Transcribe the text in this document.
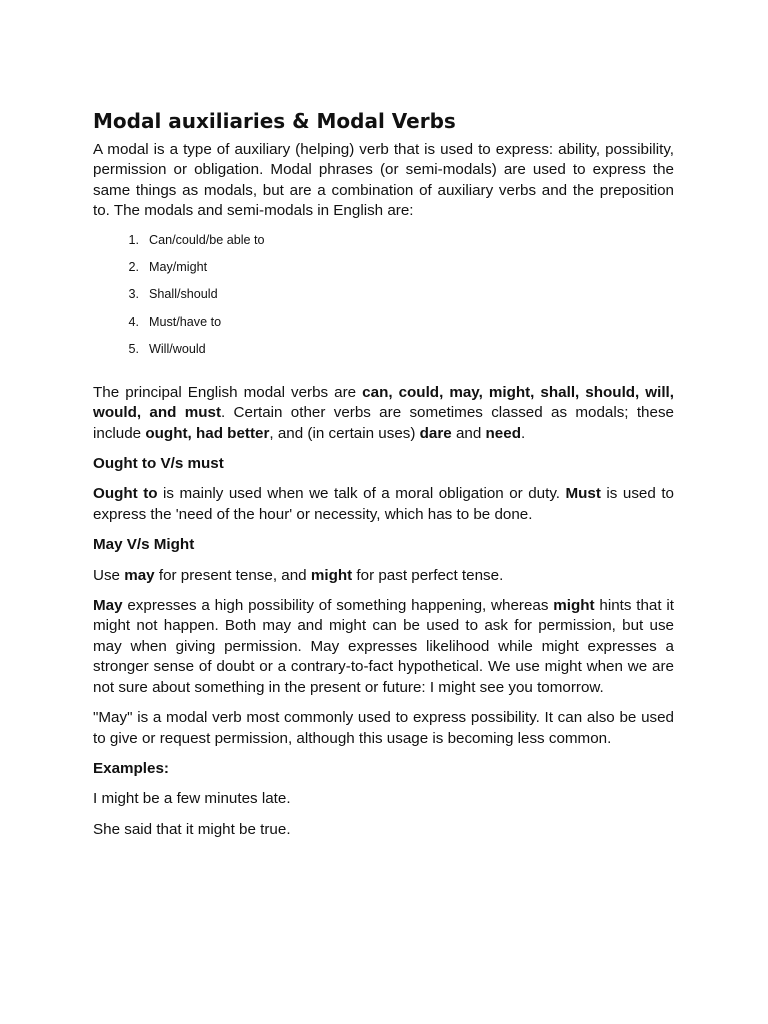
Modal auxiliaries & Modal Verbs

A modal is a type of auxiliary (helping) verb that is used to express: ability, possibility, permission or obligation. Modal phrases (or semi-modals) are used to express the same things as modals, but are a combination of auxiliary verbs and the preposition to. The modals and semi-modals in English are:

1. Can/could/be able to
2. May/might
3. Shall/should
4. Must/have to
5. Will/would

The principal English modal verbs are can, could, may, might, shall, should, will, would, and must. Certain other verbs are sometimes classed as modals; these include ought, had better, and (in certain uses) dare and need.

Ought to V/s must

Ought to is mainly used when we talk of a moral obligation or duty. Must is used to express the 'need of the hour' or necessity, which has to be done.

May V/s Might

Use may for present tense, and might for past perfect tense.

May expresses a high possibility of something happening, whereas might hints that it might not happen. Both may and might can be used to ask for permission, but use may when giving permission. May expresses likelihood while might expresses a stronger sense of doubt or a contrary-to-fact hypothetical. We use might when we are not sure about something in the present or future: I might see you tomorrow.

"May" is a modal verb most commonly used to express possibility. It can also be used to give or request permission, although this usage is becoming less common.

Examples:

I might be a few minutes late.

She said that it might be true.
